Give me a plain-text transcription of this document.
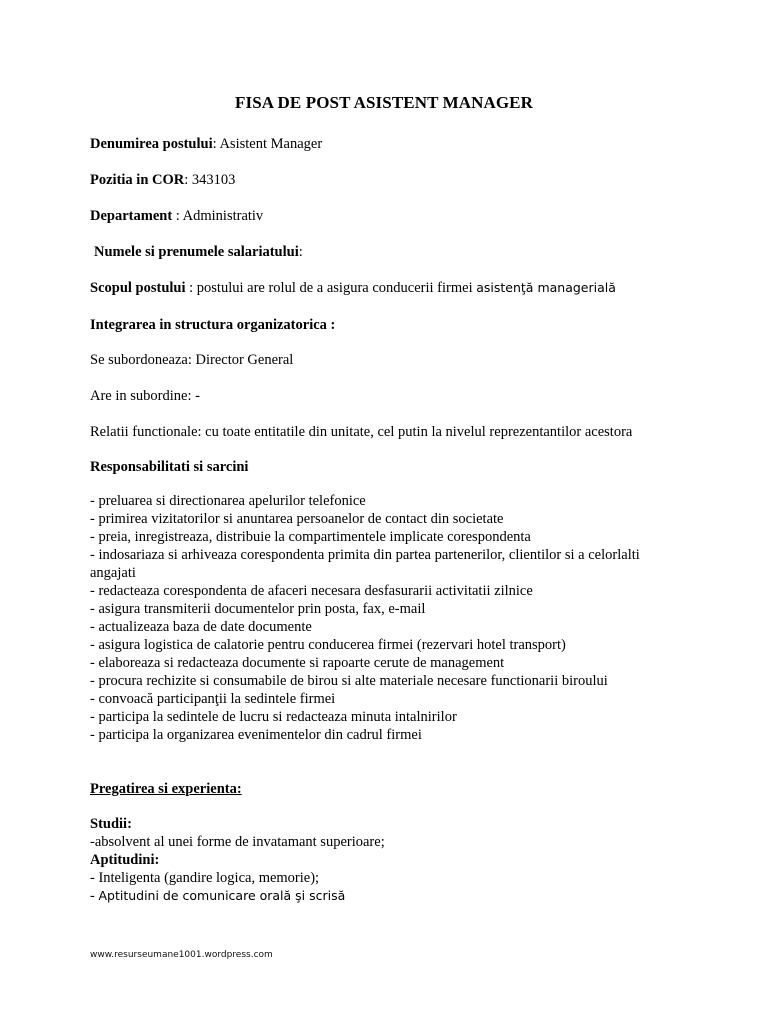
FISA DE POST ASISTENT MANAGER
Denumirea postului: Asistent Manager
Pozitia in COR: 343103
Departament : Administrativ
Numele si prenumele salariatului:
Scopul postului : postului are rolul de a asigura conducerii firmei asistenţă managerială
Integrarea in structura organizatorica :
Se subordoneaza: Director General
Are in subordine: -
Relatii functionale: cu toate entitatile din unitate, cel putin la nivelul reprezentantilor acestora
Responsabilitati si sarcini
- preluarea si directionarea apelurilor telefonice
- primirea vizitatorilor si anuntarea persoanelor de contact din societate
- preia, inregistreaza, distribuie la compartimentele implicate corespondenta
- indosariaza si arhiveaza corespondenta primita din partea partenerilor, clientilor si a celorlalti angajati
- redacteaza corespondenta de afaceri necesara desfasurarii activitatii zilnice
- asigura transmiterii documentelor prin posta, fax, e-mail
- actualizeaza baza de date documente
- asigura logistica de calatorie pentru conducerea firmei (rezervari hotel transport)
- elaboreaza si redacteaza documente si rapoarte cerute de management
- procura rechizite si consumabile de birou si alte materiale necesare functionarii biroului
- convoacă participanţii la sedintele firmei
- participa la sedintele de lucru si redacteaza minuta intalnirilor
- participa la organizarea evenimentelor din cadrul firmei
Pregatirea si experienta:
Studii:
-absolvent al unei forme de invatamant superioare;
Aptitudini:
- Inteligenta (gandire logica, memorie);
- Aptitudini de comunicare orală şi scrisă
www.resurseumane1001.wordpress.com
